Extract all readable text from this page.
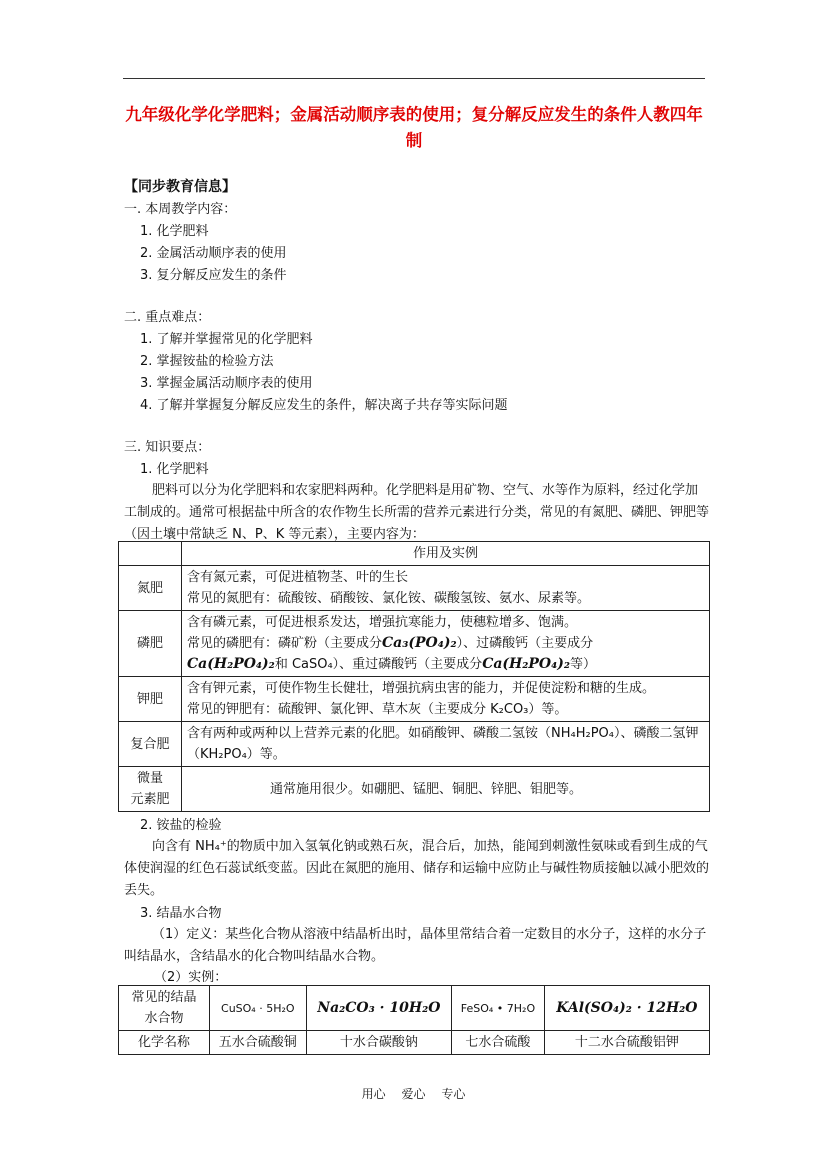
九年级化学化学肥料；金属活动顺序表的使用；复分解反应发生的条件人教四年制
【同步教育信息】
一. 本周教学内容：
1. 化学肥料
2. 金属活动顺序表的使用
3. 复分解反应发生的条件
二. 重点难点：
1. 了解并掌握常见的化学肥料
2. 掌握铵盐的检验方法
3. 掌握金属活动顺序表的使用
4. 了解并掌握复分解反应发生的条件，解决离子共存等实际问题
三. 知识要点：
1. 化学肥料
肥料可以分为化学肥料和农家肥料两种。化学肥料是用矿物、空气、水等作为原料，经过化学加工制成的。通常可根据盐中所含的农作物生长所需的营养元素进行分类，常见的有氮肥、磷肥、钾肥等（因土壤中常缺乏 N、P、K 等元素），主要内容为：
	作用及实例
氮肥	含有氮元素，可促进植物茎、叶的生长
常见的氮肥有：硫酸铵、硝酸铵、氯化铵、碳酸氢铵、氨水、尿素等。

磷肥	含有磷元素，可促进根系发达，增强抗寒能力，使穗粒增多、饱满。
常见的磷肥有：磷矿粉（主要成分Ca₃(PO₄)₂）、过磷酸钙（主要成分
Ca(H₂PO₄)₂和 CaSO₄）、重过磷酸钙（主要成分Ca(H₂PO₄)₂等）

钾肥	含有钾元素，可使作物生长健壮，增强抗病虫害的能力，并促使淀粉和糖的生成。
常见的钾肥有：硫酸钾、氯化钾、草木灰（主要成分 K₂CO₃）等。

复合肥	含有两种或两种以上营养元素的化肥。如硝酸钾、磷酸二氢铵（NH₄H₂PO₄）、磷酸二氢钾（KH₂PO₄）等。

微量
元素肥	通常施用很少。如硼肥、锰肥、铜肥、锌肥、钼肥等。
2. 铵盐的检验
向含有 NH₄⁺的物质中加入氢氧化钠或熟石灰，混合后，加热，能闻到刺激性氨味或看到生成的气体使润湿的红色石蕊试纸变蓝。因此在氮肥的施用、储存和运输中应防止与碱性物质接触以减小肥效的丢失。
3. 结晶水合物
（1）定义：某些化合物从溶液中结晶析出时，晶体里常结合着一定数目的水分子，这样的水分子叫结晶水，含结晶水的化合物叫结晶水合物。
（2）实例：
常见的结晶
水合物	CuSO₄ · 5H₂O	Na₂CO₃ · 10H₂O	FeSO₄ • 7H₂O	KAl(SO₄)₂ · 12H₂O
化学名称	五水合硫酸铜	十水合碳酸钠	七水合硫酸	十二水合硫酸铝钾
用心 爱心 专心
